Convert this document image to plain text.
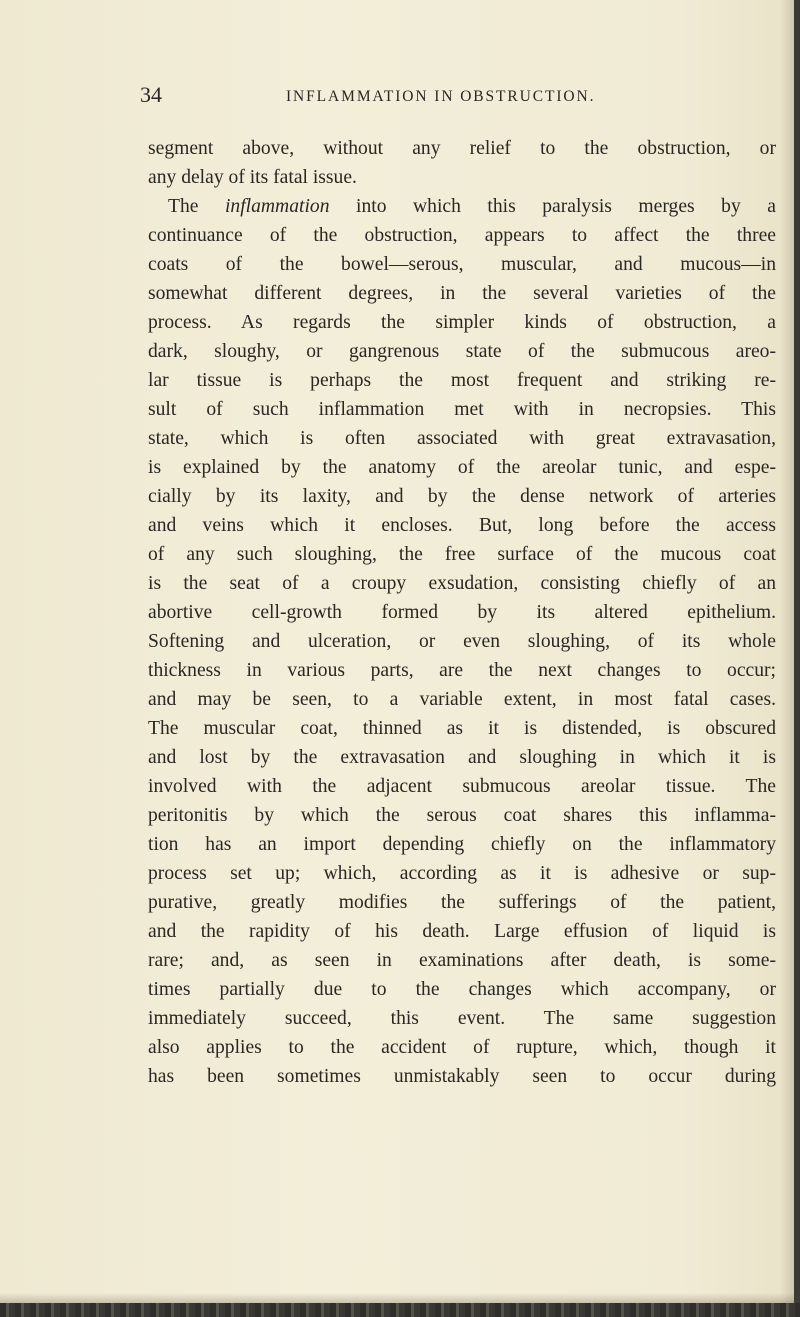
34	INFLAMMATION IN OBSTRUCTION.
segment above, without any relief to the obstruction, or
any delay of its fatal issue.
The inflammation into which this paralysis merges by a
continuance of the obstruction, appears to affect the three
coats of the bowel—serous, muscular, and mucous—in
somewhat different degrees, in the several varieties of the
process. As regards the simpler kinds of obstruction, a
dark, sloughy, or gangrenous state of the submucous areo-
lar tissue is perhaps the most frequent and striking re-
sult of such inflammation met with in necropsies. This
state, which is often associated with great extravasation,
is explained by the anatomy of the areolar tunic, and espe-
cially by its laxity, and by the dense network of arteries
and veins which it encloses. But, long before the access
of any such sloughing, the free surface of the mucous coat
is the seat of a croupy exsudation, consisting chiefly of an
abortive cell-growth formed by its altered epithelium.
Softening and ulceration, or even sloughing, of its whole
thickness in various parts, are the next changes to occur;
and may be seen, to a variable extent, in most fatal cases.
The muscular coat, thinned as it is distended, is obscured
and lost by the extravasation and sloughing in which it is
involved with the adjacent submucous areolar tissue. The
peritonitis by which the serous coat shares this inflamma-
tion has an import depending chiefly on the inflammatory
process set up; which, according as it is adhesive or sup-
purative, greatly modifies the sufferings of the patient,
and the rapidity of his death. Large effusion of liquid is
rare; and, as seen in examinations after death, is some-
times partially due to the changes which accompany, or
immediately succeed, this event. The same suggestion
also applies to the accident of rupture, which, though it
has been sometimes unmistakably seen to occur during
